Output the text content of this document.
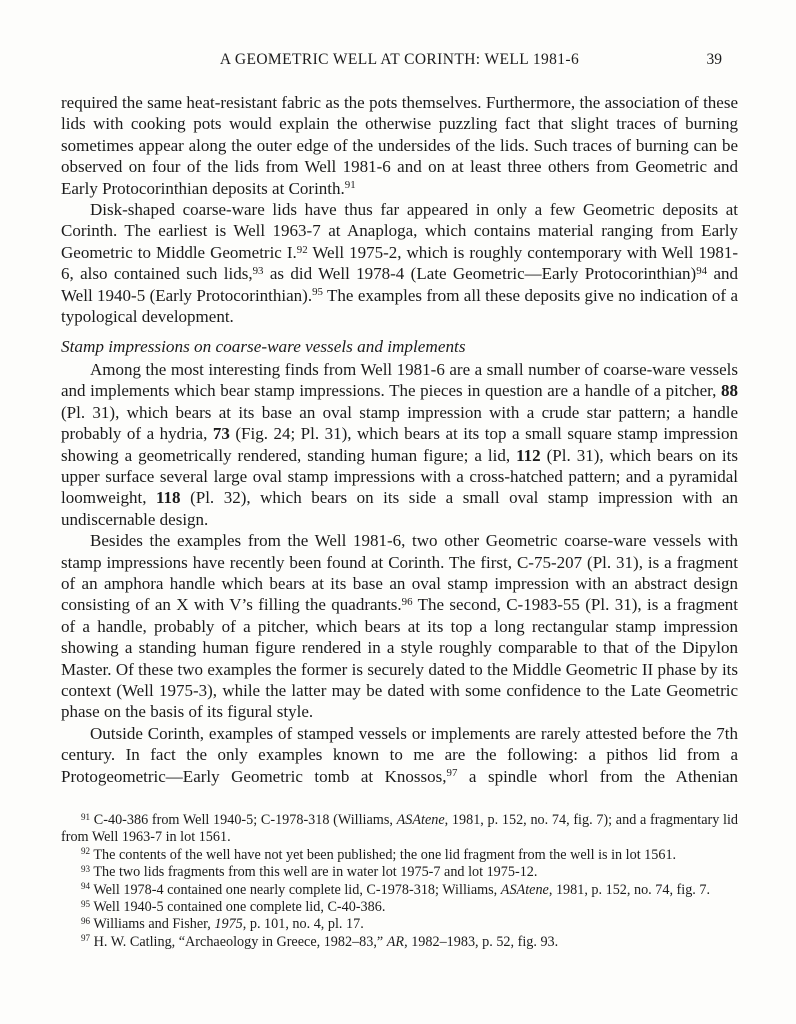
A GEOMETRIC WELL AT CORINTH: WELL 1981-6	39

required the same heat-resistant fabric as the pots themselves. Furthermore, the association of these lids with cooking pots would explain the otherwise puzzling fact that slight traces of burning sometimes appear along the outer edge of the undersides of the lids. Such traces of burning can be observed on four of the lids from Well 1981-6 and on at least three others from Geometric and Early Protocorinthian deposits at Corinth.$^{91}$

Disk-shaped coarse-ware lids have thus far appeared in only a few Geometric deposits at Corinth. The earliest is Well 1963-7 at Anaploga, which contains material ranging from Early Geometric to Middle Geometric I.$^{92}$ Well 1975-2, which is roughly contemporary with Well 1981-6, also contained such lids,$^{93}$ as did Well 1978-4 (Late Geometric—Early Protocorinthian)$^{94}$ and Well 1940-5 (Early Protocorinthian).$^{95}$ The examples from all these deposits give no indication of a typological development.

Stamp impressions on coarse-ware vessels and implements

Among the most interesting finds from Well 1981-6 are a small number of coarse-ware vessels and implements which bear stamp impressions. The pieces in question are a handle of a pitcher, 88 (Pl. 31), which bears at its base an oval stamp impression with a crude star pattern; a handle probably of a hydria, 73 (Fig. 24; Pl. 31), which bears at its top a small square stamp impression showing a geometrically rendered, standing human figure; a lid, 112 (Pl. 31), which bears on its upper surface several large oval stamp impressions with a cross-hatched pattern; and a pyramidal loomweight, 118 (Pl. 32), which bears on its side a small oval stamp impression with an undiscernable design.

Besides the examples from the Well 1981-6, two other Geometric coarse-ware vessels with stamp impressions have recently been found at Corinth. The first, C-75-207 (Pl. 31), is a fragment of an amphora handle which bears at its base an oval stamp impression with an abstract design consisting of an X with V’s filling the quadrants.$^{96}$ The second, C-1983-55 (Pl. 31), is a fragment of a handle, probably of a pitcher, which bears at its top a long rectangular stamp impression showing a standing human figure rendered in a style roughly comparable to that of the Dipylon Master. Of these two examples the former is securely dated to the Middle Geometric II phase by its context (Well 1975-3), while the latter may be dated with some confidence to the Late Geometric phase on the basis of its figural style.

Outside Corinth, examples of stamped vessels or implements are rarely attested before the 7th century. In fact the only examples known to me are the following: a pithos lid from a Protogeometric—Early Geometric tomb at Knossos,$^{97}$ a spindle whorl from the Athenian

$^{91}$ C-40-386 from Well 1940-5; C-1978-318 (Williams, ASAtene, 1981, p. 152, no. 74, fig. 7); and a fragmentary lid from Well 1963-7 in lot 1561.

$^{92}$ The contents of the well have not yet been published; the one lid fragment from the well is in lot 1561.

$^{93}$ The two lids fragments from this well are in water lot 1975-7 and lot 1975-12.

$^{94}$ Well 1978-4 contained one nearly complete lid, C-1978-318; Williams, ASAtene, 1981, p. 152, no. 74, fig. 7.

$^{95}$ Well 1940-5 contained one complete lid, C-40-386.

$^{96}$ Williams and Fisher, 1975, p. 101, no. 4, pl. 17.

$^{97}$ H. W. Catling, “Archaeology in Greece, 1982–83,” AR, 1982–1983, p. 52, fig. 93.
